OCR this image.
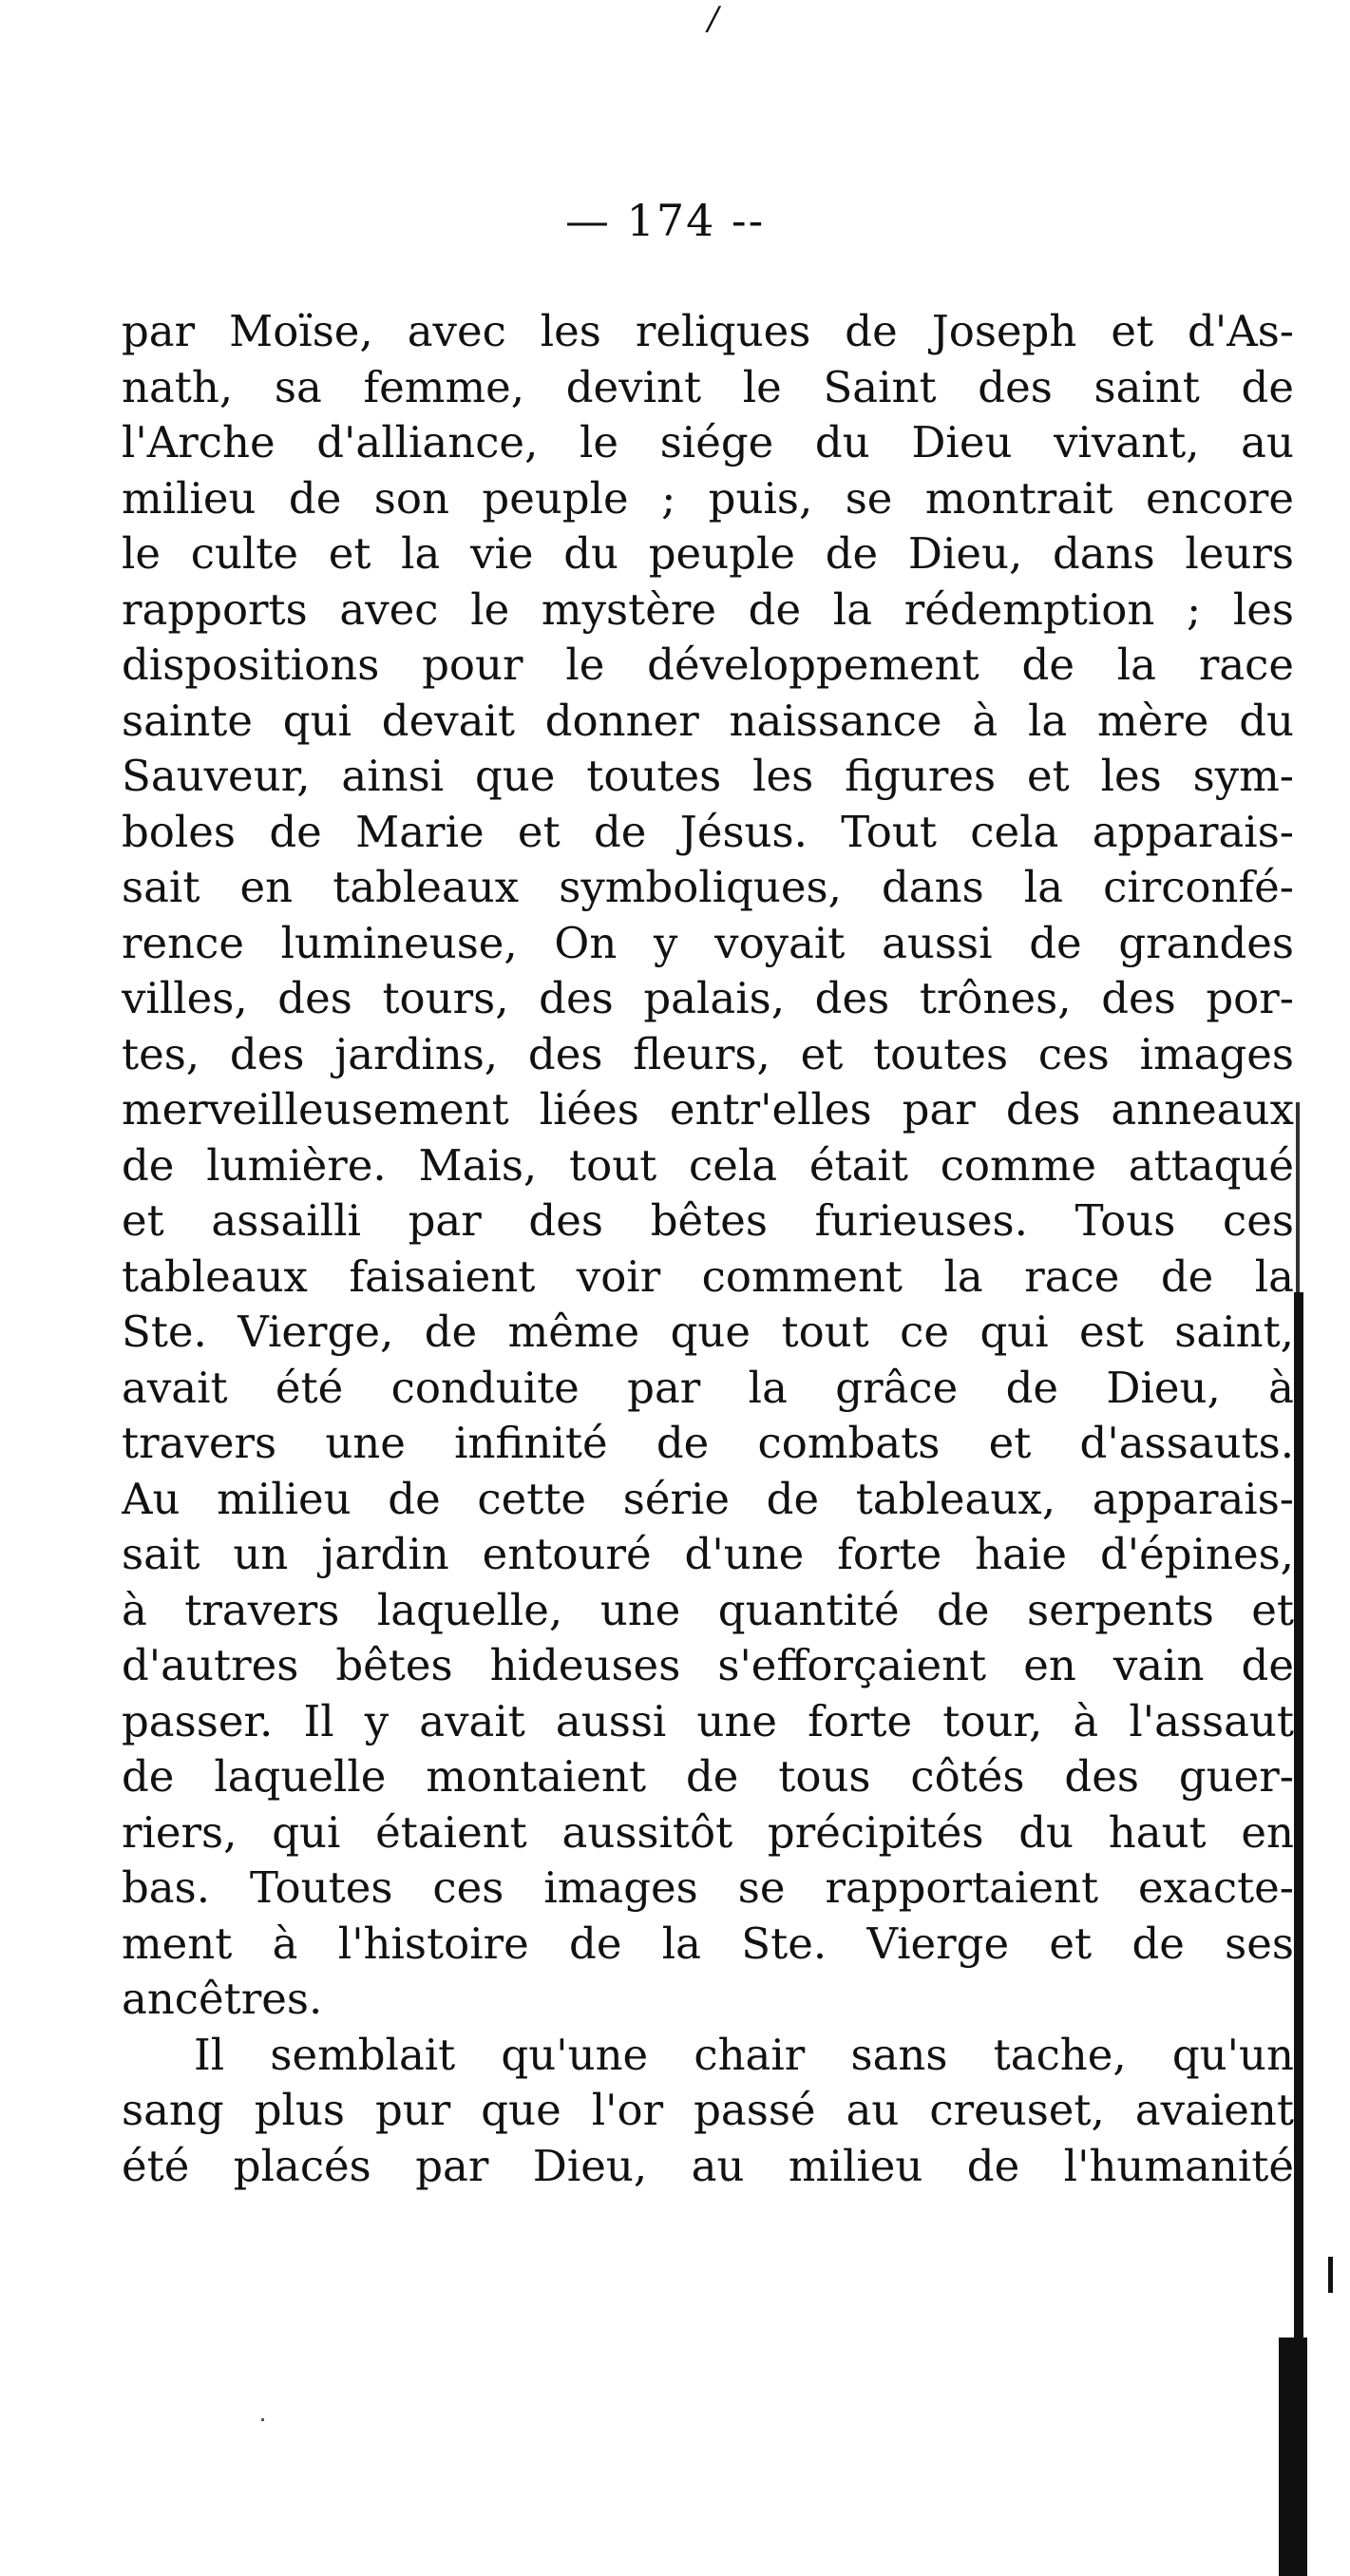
/
— 174 --
par Moïse, avec les reliques de Joseph et d'As-
nath, sa femme, devint le Saint des saint de
l'Arche d'alliance, le siége du Dieu vivant, au
milieu de son peuple ; puis, se montrait encore
le culte et la vie du peuple de Dieu, dans leurs
rapports avec le mystère de la rédemption ; les
dispositions pour le développement de la race
sainte qui devait donner naissance à la mère du
Sauveur, ainsi que toutes les figures et les sym-
boles de Marie et de Jésus. Tout cela apparais-
sait en tableaux symboliques, dans la circonfé-
rence lumineuse, On y voyait aussi de grandes
villes, des tours, des palais, des trônes, des por-
tes, des jardins, des fleurs, et toutes ces images
merveilleusement liées entr'elles par des anneaux
de lumière. Mais, tout cela était comme attaqué
et assailli par des bêtes furieuses. Tous ces
tableaux faisaient voir comment la race de la
Ste. Vierge, de même que tout ce qui est saint,
avait été conduite par la grâce de Dieu, à
travers une infinité de combats et d'assauts.
Au milieu de cette série de tableaux, apparais-
sait un jardin entouré d'une forte haie d'épines,
à travers laquelle, une quantité de serpents et
d'autres bêtes hideuses s'efforçaient en vain de
passer. Il y avait aussi une forte tour, à l'assaut
de laquelle montaient de tous côtés des guer-
riers, qui étaient aussitôt précipités du haut en
bas. Toutes ces images se rapportaient exacte-
ment à l'histoire de la Ste. Vierge et de ses
ancêtres.
Il semblait qu'une chair sans tache, qu'un
sang plus pur que l'or passé au creuset, avaient
été placés par Dieu, au milieu de l'humanité
